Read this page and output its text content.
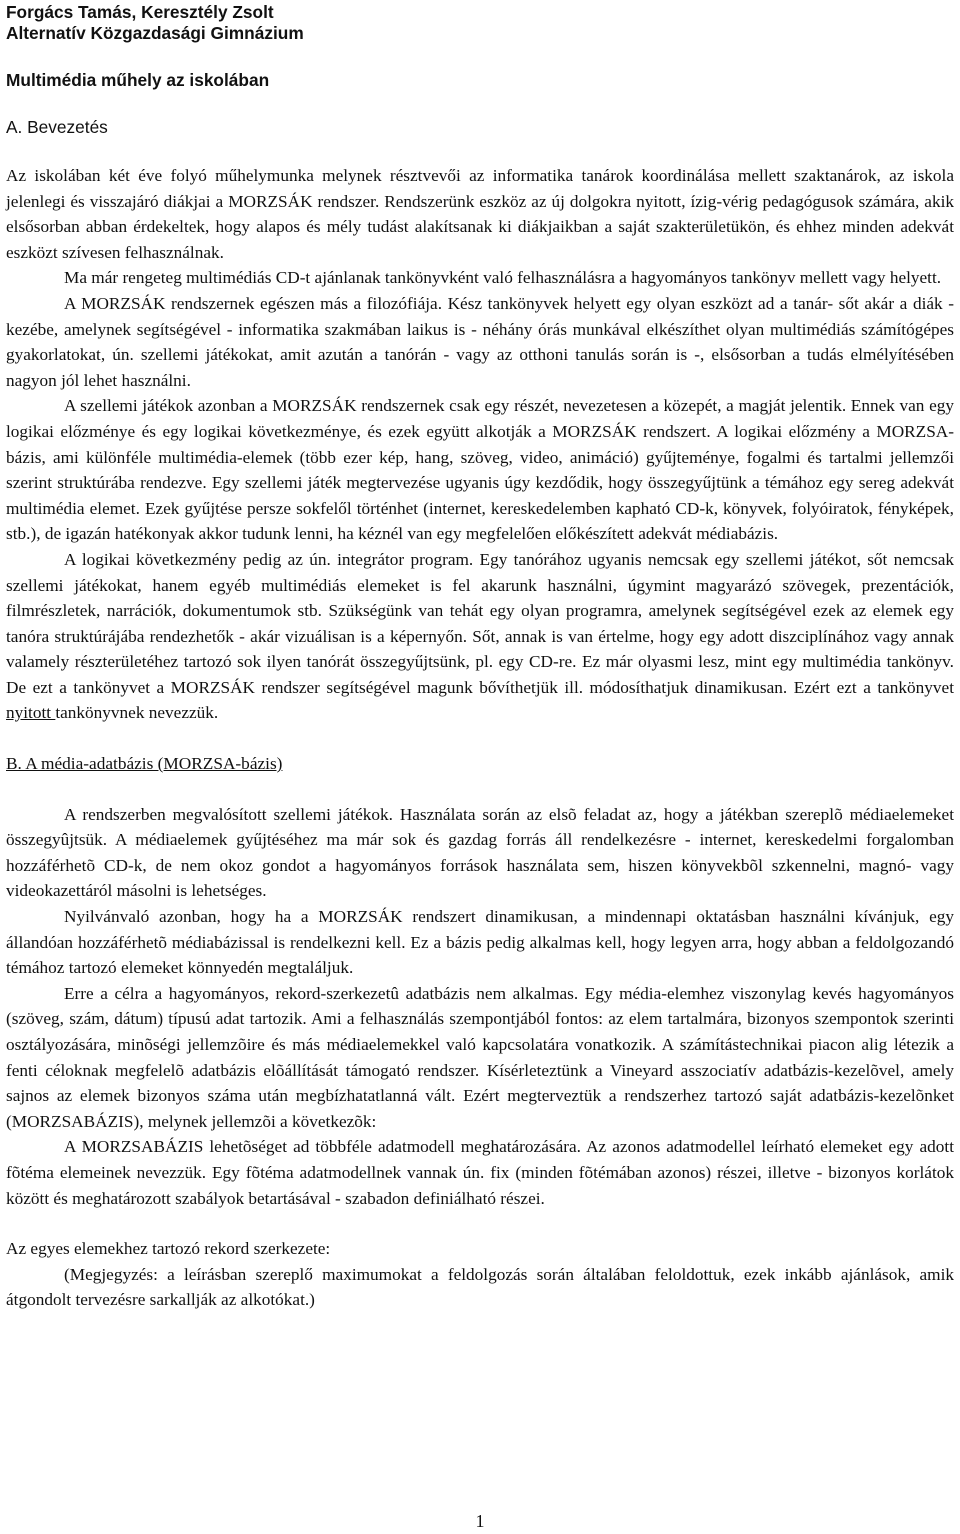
Forgács Tamás, Keresztély Zsolt

Alternatív Közgazdasági Gimnázium

Multimédia műhely az iskolában

A. Bevezetés

Az iskolában két éve folyó műhelymunka melynek résztvevői az informatika tanárok koordinálása mellett szaktanárok, az iskola jelenlegi és visszajáró diákjai a MORZSÁK rendszer. Rendszerünk eszköz az új dolgokra nyitott, ízig-vérig pedagógusok számára, akik elsősorban abban érdekeltek, hogy alapos és mély tudást alakítsanak ki diákjaikban a saját szakterületükön, és ehhez minden adekvát eszközt szívesen felhasználnak.

Ma már rengeteg multimédiás CD-t ajánlanak tankönyvként való felhasználásra a hagyományos tankönyv mellett vagy helyett.

A MORZSÁK rendszernek egészen más a filozófiája. Kész tankönyvek helyett egy olyan eszközt ad a tanár- sőt akár a diák - kezébe, amelynek segítségével - informatika szakmában laikus is - néhány órás munkával elkészíthet olyan multimédiás számítógépes gyakorlatokat, ún. szellemi játékokat, amit azután a tanórán - vagy az otthoni tanulás során is -, elsősorban a tudás elmélyítésében nagyon jól lehet használni.

A szellemi játékok azonban a MORZSÁK rendszernek csak egy részét, nevezetesen a közepét, a magját jelentik. Ennek van egy logikai előzménye és egy logikai következménye, és ezek együtt alkotják a MORZSÁK rendszert. A logikai előzmény a MORZSA-bázis, ami különféle multimédia-elemek (több ezer kép, hang, szöveg, video, animáció) gyűjteménye, fogalmi és tartalmi jellemzői szerint struktúrába rendezve. Egy szellemi játék megtervezése ugyanis úgy kezdődik, hogy összegyűjtünk a témához egy sereg adekvát multimédia elemet. Ezek gyűjtése persze sokfelől történhet (internet, kereskedelemben kapható CD-k, könyvek, folyóiratok, fényképek, stb.), de igazán hatékonyak akkor tudunk lenni, ha kéznél van egy megfelelően előkészített adekvát médiabázis.

A logikai következmény pedig az ún. integrátor program. Egy tanórához ugyanis nemcsak egy szellemi játékot, sőt nemcsak szellemi játékokat, hanem egyéb multimédiás elemeket is fel akarunk használni, úgymint magyarázó szövegek, prezentációk, filmrészletek, narrációk, dokumentumok stb. Szükségünk van tehát egy olyan programra, amelynek segítségével ezek az elemek egy tanóra struktúrájába rendezhetők - akár vizuálisan is a képernyőn. Sőt, annak is van értelme, hogy egy adott diszciplínához vagy annak valamely részterületéhez tartozó sok ilyen tanórát összegyűjtsünk, pl. egy CD-re. Ez már olyasmi lesz, mint egy multimédia tankönyv. De ezt a tankönyvet a MORZSÁK rendszer segítségével magunk bővíthetjük ill. módosíthatjuk dinamikusan. Ezért ezt a tankönyvet nyitott tankönyvnek nevezzük.

B. A média-adatbázis (MORZSA-bázis)

A rendszerben megvalósított szellemi játékok. Használata során az elsõ feladat az, hogy a játékban szereplõ médiaelemeket összegyûjtsük. A médiaelemek gyűjtéséhez ma már sok és gazdag forrás áll rendelkezésre - internet, kereskedelmi forgalomban hozzáférhetõ CD-k, de nem okoz gondot a hagyományos források használata sem, hiszen könyvekbõl szkennelni, magnó- vagy videokazettáról másolni is lehetséges.

Nyilvánvaló azonban, hogy ha a MORZSÁK rendszert dinamikusan, a mindennapi oktatásban használni kívánjuk, egy állandóan hozzáférhetõ médiabázissal is rendelkezni kell. Ez a bázis pedig alkalmas kell, hogy legyen arra, hogy abban a feldolgozandó témához tartozó elemeket könnyedén megtaláljuk.

Erre a célra a hagyományos, rekord-szerkezetû adatbázis nem alkalmas. Egy média-elemhez viszonylag kevés hagyományos (szöveg, szám, dátum) típusú adat tartozik. Ami a felhasználás szempontjából fontos: az elem tartalmára, bizonyos szempontok szerinti osztályozására, minõségi jellemzõire és más médiaelemekkel való kapcsolatára vonatkozik. A számítástechnikai piacon alig létezik a fenti céloknak megfelelõ adatbázis elõállítását támogató rendszer. Kísérleteztünk a Vineyard asszociatív adatbázis-kezelõvel, amely sajnos az elemek bizonyos száma után megbízhatatlanná vált. Ezért megterveztük a rendszerhez tartozó saját adatbázis-kezelõnket (MORZSABÁZIS), melynek jellemzõi a következõk:

A MORZSABÁZIS lehetõséget ad többféle adatmodell meghatározására. Az azonos adatmodellel leírható elemeket egy adott fõtéma elemeinek nevezzük. Egy fõtéma adatmodellnek vannak ún. fix (minden fõtémában azonos) részei, illetve - bizonyos korlátok között és meghatározott szabályok betartásával - szabadon definiálható részei.

Az egyes elemekhez tartozó rekord szerkezete:

(Megjegyzés: a leírásban szereplő maximumokat a feldolgozás során általában feloldottuk, ezek inkább ajánlások, amik átgondolt tervezésre sarkallják az alkotókat.)

1
